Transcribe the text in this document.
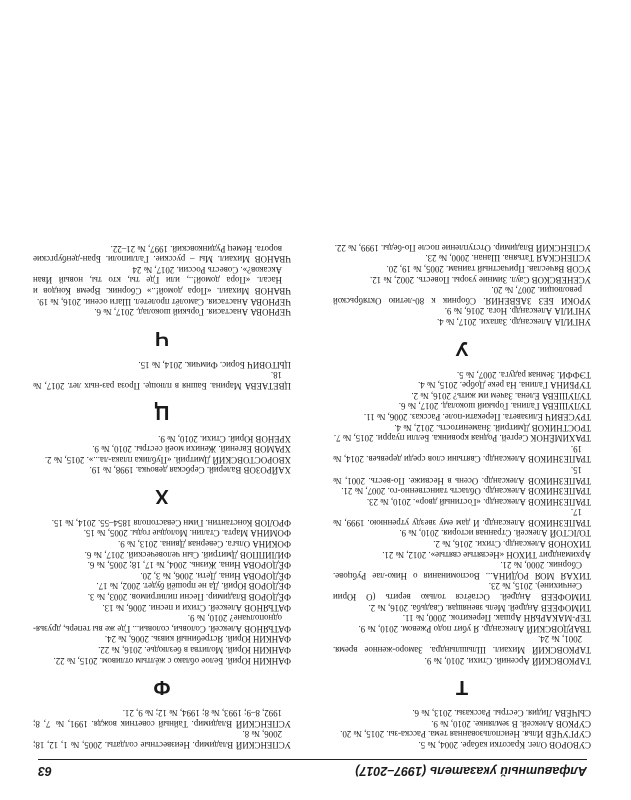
Алфавитный указатель (1997–2017)
63

СУВОРОВ Олег. Красотки кабаре. 2004, № 5.

СУРГУЧЁВ Илья. Неиспользованная тема. Расска-зы. 2015, № 20.

СУРКОВ Алексей. В землянке. 2010, № 9.

СЫЧЁВА Лидия. Сестры. Рассказы. 2013, № 6.

Т

ТАРКОВСКИЙ Арсений. Стихи. 2010, № 9.

ТАРКОВСКИЙ Михаил. Шлышлындра. Заморо-женное время. 2001, № 24.

ТВАРДОВСКИЙ Александр. Я убит подо Ржевом. 2010, № 9.

ТЕР-МАКАРЬЯН Аршак. Перекиток. 2000, № 11.

ТИМОФЕЕВ Андрей. Мель звенящая. Свадьба. 2016, № 2.

ТИМОФЕЕВ Андрей. Остаётся только верить (О Юрии Сенчихине). 2015, № 23.

ТИХАЯ МОЯ РОДИНА... Воспоминания о Нико-лае Рубцове. Сборник. 2000, № 21.

Архимандрит ТИХОН «Несвятые святые». 2012, № 21.

ТИХОНОВ Александр. Стихи. 2016, № 2.

ТОЛСТОЙ Алексей. Странная история. 2010, № 9.

ТРАПЕЗНИКОВ Александр. И дам ему звезду утреннюю. 1999, № 17.

ТРАПЕЗНИКОВ Александр. «Гостиный двор». 2010, № 23.

ТРАПЕЗНИКОВ Александр. Область таинственно-го. 2007, № 21.

ТРАПЕЗНИКОВ Александр. Осень в Несвиже. По-весть. 2001, № 15.

ТРАПЕЗНИКОВ Александр. Святыни слов среди деревьев. 2014, № 19.

ТРАХИМЁНОК Сергей. Родная кровинка. Белли пуарри. 2015, № 7.

ТРОСТНИКОВ Дмитрий. Знаменитость. 2012, № 4.

ТРУСЕВИЧ Елизавета. Перекати-поле. Рассказ. 2006, № 11.

ТУЛУШЕВА Галина. Горький шоколад. 2017, № 6.

ТУЛУШЕВА Елена. Зачем им жить? 2016, № 2.

ТУРБИНА Галина. На реке Добре. 2015, № 4.

ТЭФФИ. Земная радуга. 2007, № 5.

У

УНГИЛА Александр. Запахи. 2017, № 4.

УНГИЛА Александр. Нога. 2016, № 9.

УРОКИ БЕЗ ЗАБВЕНИЯ. Сборник к 80-летию Октябрьской революции. 2007, № 20.

УСЕНЕВСКОВ Саул. Зимние узоры. Повесть. 2002, № 12.

УСОВ Вячеслав. Причастный таинам. 2005, № 19, 20.

УСПЕНСКАЯ Татьяна. Шанан. 2000, № 23.

УСПЕНСКИЙ Владимир. Отступление после По-беды. 1999, № 22.

УСПЕНСКИЙ Владимир. Неизвестные солдаты. 2005, № 1, 12, 18; 2006, № 8.

УСПЕНСКИЙ Владимир. Тайный советник вождя. 1991, № 7, 8; 1992, 8–9; 1993, № 8; 1994, № 12; № 9, 21.

Ф

ФАНКИН Юрий. Белое облако с жёлтым отливом. 2015, № 22.

ФАНКИН Юрий. Молитва в безлюдье. 2016, № 22.

ФАНКИН Юрий. Ястребиный кивзь. 2006, № 24.

ФАТЬЯНОВ Алексей. Соловьи, соловьи... Где же вы теперь, друзья-однополчане? 2010, № 9.

ФАТЬЯНОВ Алексей. Стихи и песни. 2006, № 13.

ФЁДОРОВ Владимир. Песни пилигримов. 2003, № 3.

ФЕДОРОВ Юрий. Да не прошёй будет. 2002, № 17.

ФЁДОРОВА Нина. Дети. 2006, № 3, 20.

ФЁДОРОВА Нина. Жизнь. 2004, № 17, 18; 2005, № 6.

ФИЛИППОВ Дмитрий. Сын человеческий. 2017, № 6.

ФОКИНА Ольга. Северная Двина. 2013, № 9.

ФОМИНА Марта. Сталин. Молодые годы. 2005, № 15.

ФРОЛОВ Константин. Гимн Севастополя 1854–55. 2014, № 15.

Х

ХАЙРОЗОВ Валерий. Сербская девочка. 1998, № 19.

ХВОРОСТОВСКИЙ Дмитрий. «Публика плака-ла...». 2015, № 2.

ХРАМОВ Евгений. Женихи моей сестры. 2010, № 9.

ХРЕНОВ Юрий. Стихи. 2010, № 9.

Ц

ЦВЕТАЕВА Марина. Башня в плюще. Проза раз-ных лет. 2017, № 18.

ЦЫТОВИЧ Борис. Фимчик. 2014, № 15.

Ч

ЧЕРНОВА Анастасия. Горький шоколад. 2017, № 6.

ЧЕРНОВА Анастасия. Самолёт пролетел. Шаги осени. 2016, № 19.

ЧВАНОВ Михаил. «Пора домой!..» Сборник. Время Кондов и Насал. «Пора домой!.., или Где ты, кто ты, новый Иван Аксаков?». Совесть России. 2017, № 24

ЧВАНОВ Михаил. Мы – русские. Галлиполи. Бран-денбургские ворота. Немец Рудинковский. 1997, № 21–22.
